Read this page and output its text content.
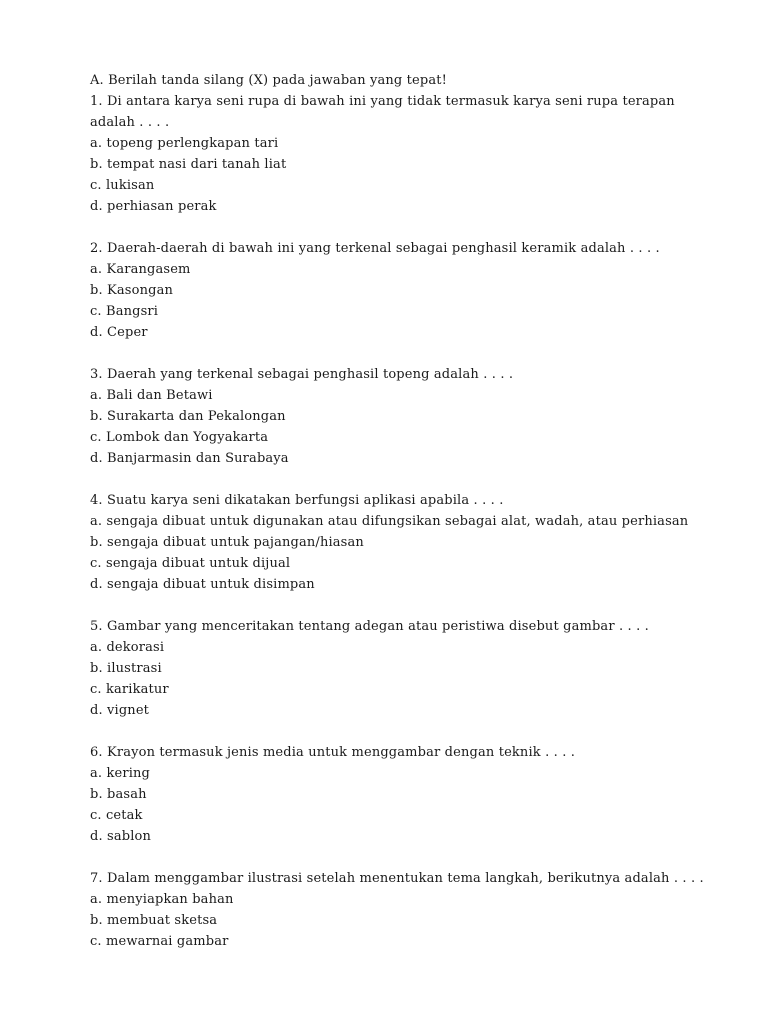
A. Berilah tanda silang (X) pada jawaban yang tepat!
1. Di antara karya seni rupa di bawah ini yang tidak termasuk karya seni rupa terapan
adalah . . . .
a. topeng perlengkapan tari
b. tempat nasi dari tanah liat
c. lukisan
d. perhiasan perak
2. Daerah-daerah di bawah ini yang terkenal sebagai penghasil keramik adalah . . . .
a. Karangasem
b. Kasongan
c. Bangsri
d. Ceper
3. Daerah yang terkenal sebagai penghasil topeng adalah . . . .
a. Bali dan Betawi
b. Surakarta dan Pekalongan
c. Lombok dan Yogyakarta
d. Banjarmasin dan Surabaya
4. Suatu karya seni dikatakan berfungsi aplikasi apabila . . . .
a. sengaja dibuat untuk digunakan atau difungsikan sebagai alat, wadah, atau perhiasan
b. sengaja dibuat untuk pajangan/hiasan
c. sengaja dibuat untuk dijual
d. sengaja dibuat untuk disimpan
5. Gambar yang menceritakan tentang adegan atau peristiwa disebut gambar . . . .
a. dekorasi
b. ilustrasi
c. karikatur
d. vignet
6. Krayon termasuk jenis media untuk menggambar dengan teknik . . . .
a. kering
b. basah
c. cetak
d. sablon
7. Dalam menggambar ilustrasi setelah menentukan tema langkah, berikutnya adalah . . . .
a. menyiapkan bahan
b. membuat sketsa
c. mewarnai gambar
